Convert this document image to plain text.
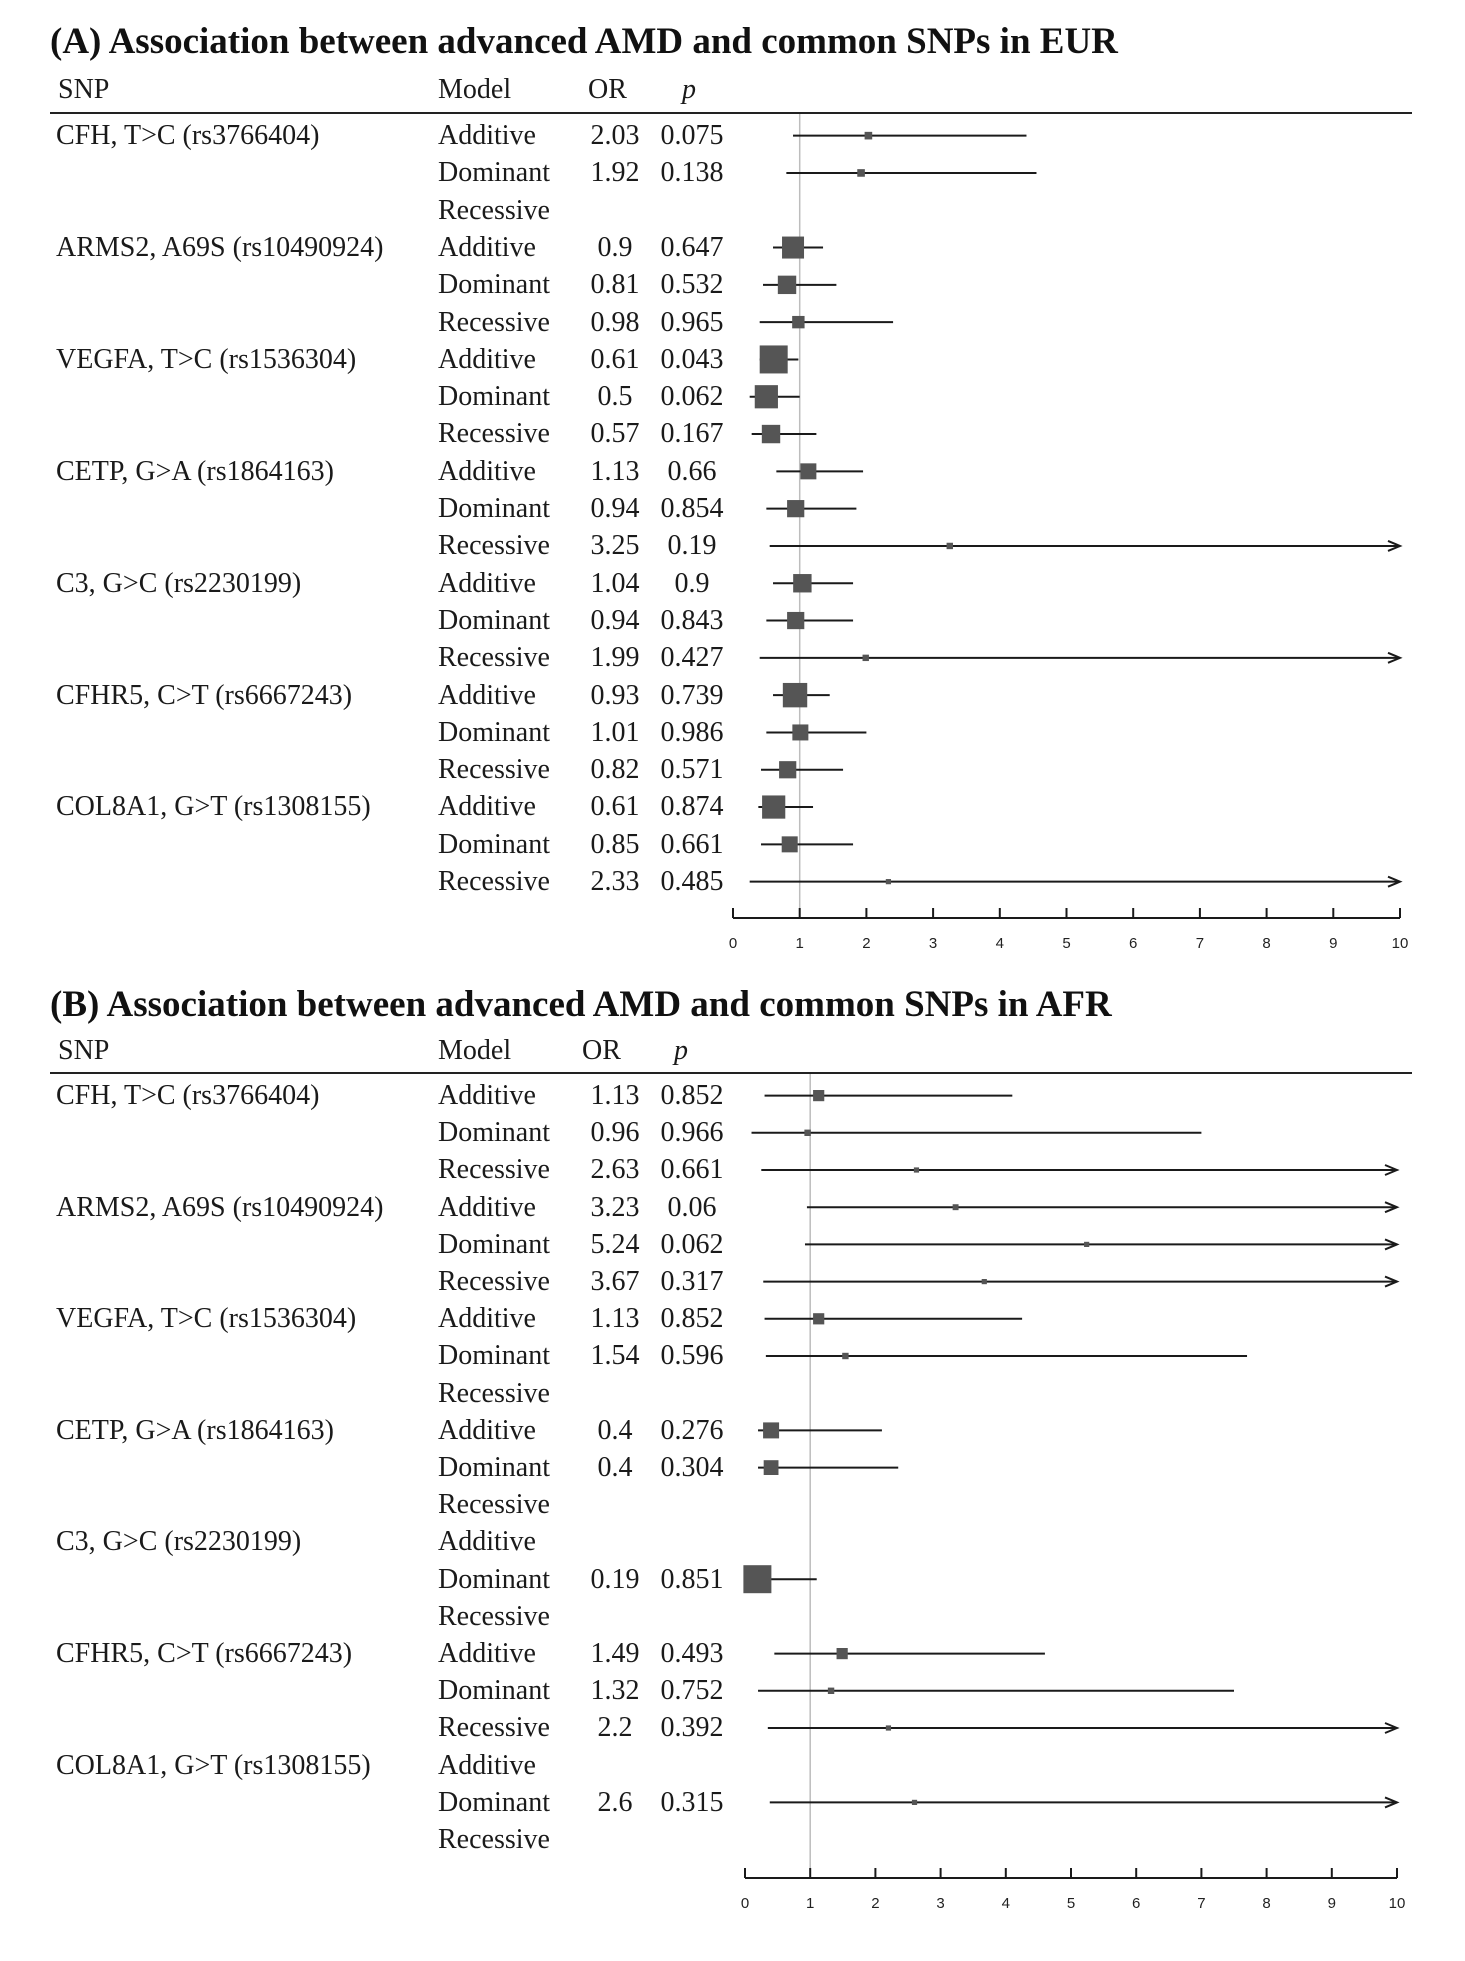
(A) Association between advanced AMD and common SNPs in EUR
SNP	Model	OR p
CFH, T>C (rs3766404)	Additive	2.03 0.075
Dominant	1.92 0.138
Recessive
ARMS2, A69S (rs10490924) Additive	0.9	0.647
Dominant	0.81 0.532
Recessive	0.98 0.965
VEGFA, T>C (rs1536304)	Additive	0.61 0.043
Dominant	0.5	0.062
Recessive	0.57 0.167
CETP, G>A (rs1864163)	Additive	1.13	0.66
Dominant	0.94 0.854
Recessive	3.25	0.19
C3, G>C (rs2230199)	Additive	1.04	0.9
Dominant	0.94 0.843
Recessive	1.99 0.427
CFHR5, C>T (rs6667243)	Additive	0.93 0.739
Dominant	1.01 0.986
Recessive	0.82 0.571
COL8A1, G>T (rs1308155) Additive	0.61 0.874
Dominant	0.85 0.661
Recessive	2.33 0.485
0	1	2	3	4	5	6	7	8	9	10
(B) Association between advanced AMD and common SNPs in AFR
SNP	Model	OR p
CFH, T>C (rs3766404)	Additive	1.13 0.852
Dominant	0.96 0.966
Recessive	2.63 0.661
ARMS2, A69S (rs10490924) Additive	3.23	0.06
Dominant	5.24 0.062
Recessive	3.67 0.317
VEGFA, T>C (rs1536304)	Additive	1.13 0.852
Dominant	1.54 0.596
Recessive
CETP, G>A (rs1864163)	Additive	0.4	0.276
Dominant	0.4	0.304
Recessive
C3, G>C (rs2230199)	Additive
Dominant	0.19 0.851
Recessive
CFHR5, C>T (rs6667243)	Additive	1.49 0.493
Dominant	1.32 0.752
Recessive	2.2	0.392
COL8A1, G>T (rs1308155) Additive
Dominant	2.6	0.315
Recessive
0	1	2	3	4	5	6	7	8	9	10
